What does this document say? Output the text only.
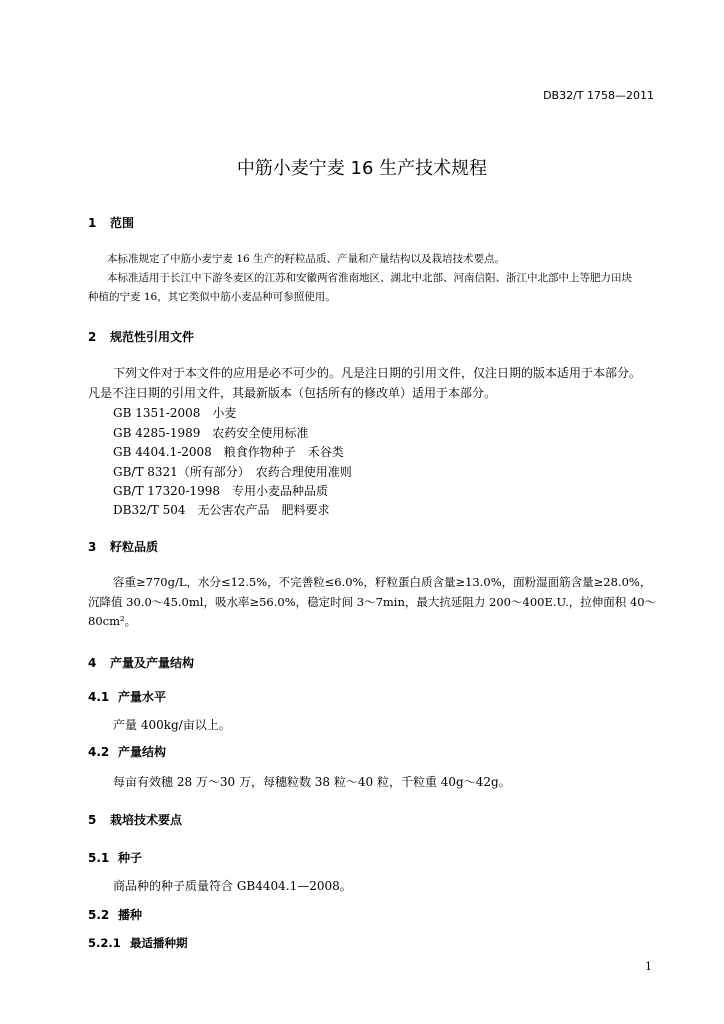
DB32/T 1758—2011
中筋小麦宁麦 16 生产技术规程
1 范围
本标准规定了中筋小麦宁麦 16 生产的籽粒品质、产量和产量结构以及栽培技术要点。
本标准适用于长江中下游冬麦区的江苏和安徽两省淮南地区、湖北中北部、河南信阳、浙江中北部中上等肥力田块
种植的宁麦 16，其它类似中筋小麦品种可参照使用。
2 规范性引用文件
下列文件对于本文件的应用是必不可少的。凡是注日期的引用文件，仅注日期的版本适用于本部分。
凡是不注日期的引用文件，其最新版本（包括所有的修改单）适用于本部分。
GB 1351-2008　小麦
GB 4285-1989　农药安全使用标准
GB 4404.1-2008　粮食作物种子　禾谷类
GB/T 8321（所有部分）　农药合理使用准则
GB/T 17320-1998　专用小麦品种品质
DB32/T 504　无公害农产品　肥料要求
3 籽粒品质
容重≥770g/L，水分≤12.5%，不完善粒≤6.0%，籽粒蛋白质含量≥13.0%，面粉湿面筋含量≥28.0%，
沉降值 30.0～45.0ml，吸水率≥56.0%，稳定时间 3～7min，最大抗延阻力 200～400E.U.，拉伸面积 40～
80cm²。
4 产量及产量结构
4.1 产量水平
产量 400kg/亩以上。
4.2 产量结构
每亩有效穗 28 万～30 万，每穗粒数 38 粒～40 粒，千粒重 40g～42g。
5 栽培技术要点
5.1 种子
商品种的种子质量符合 GB4404.1—2008。
5.2 播种
5.2.1 最适播种期
1
